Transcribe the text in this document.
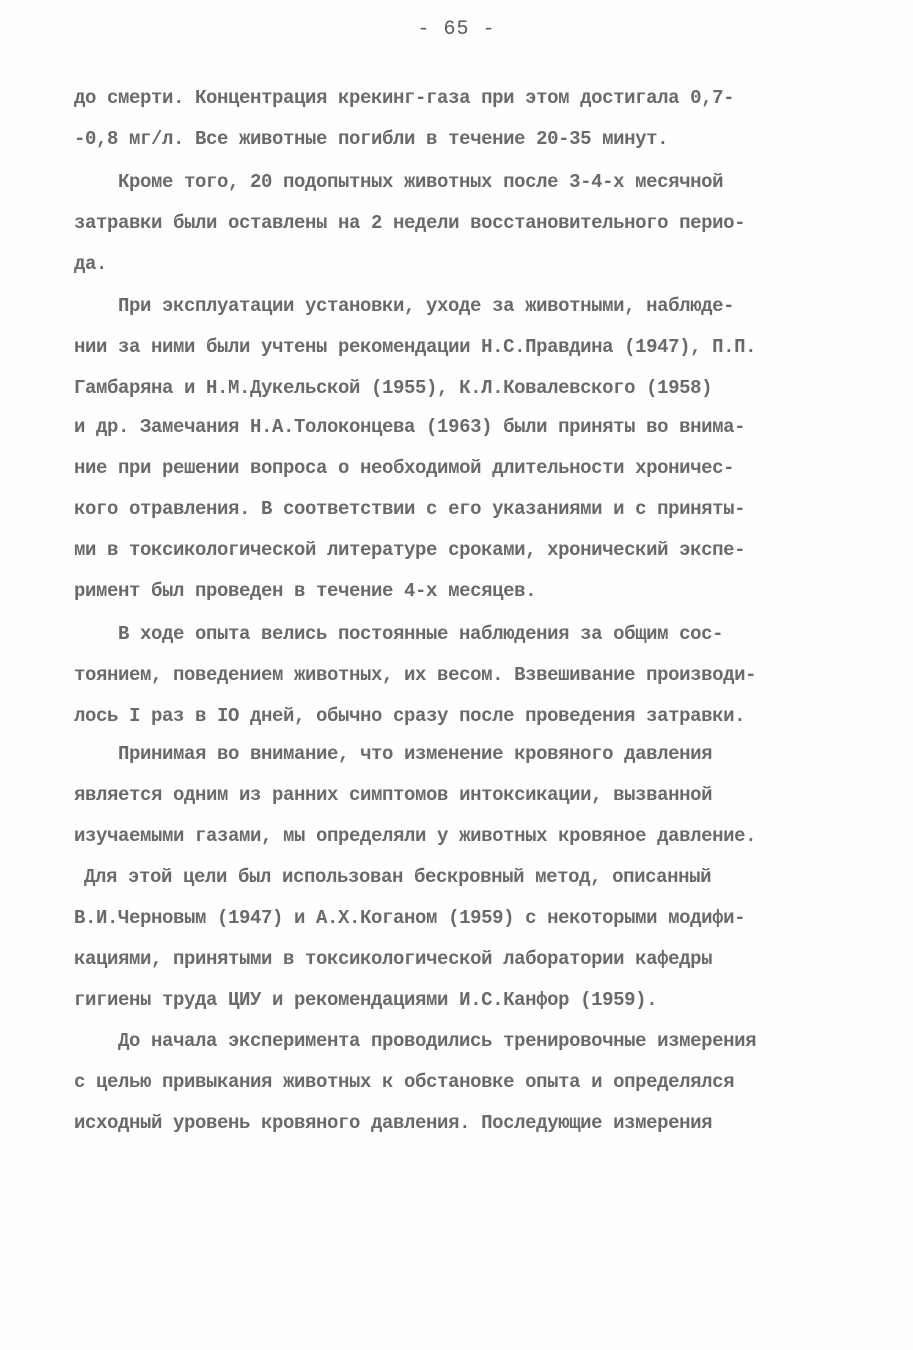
- 65 -
до смерти. Концентрация крекинг-газа при этом достигала 0,7-
-0,8 мг/л. Все животные погибли в течение 20-35 минут.
Кроме того, 20 подопытных животных после 3-4-х месячной
затравки были оставлены на 2 недели восстановительного перио-
да.
При эксплуатации установки, уходе за животными, наблюде-
нии за ними были учтены рекомендации Н.С.Правдина (1947), П.П.
Гамбаряна и Н.М.Дукельской (1955), К.Л.Ковалевского (1958)
и др. Замечания Н.А.Толоконцева (1963) были приняты во внима-
ние при решении вопроса о необходимой длительности хроничес-
кого отравления. В соответствии с его указаниями и с приняты-
ми в токсикологической литературе сроками, хронический экспе-
римент был проведен в течение 4-х месяцев.
В ходе опыта велись постоянные наблюдения за общим сос-
тоянием, поведением животных, их весом. Взвешивание производи-
лось I раз в IO дней, обычно сразу после проведения затравки.
Принимая во внимание, что изменение кровяного давления
является одним из ранних симптомов интоксикации, вызванной
изучаемыми газами, мы определяли у животных кровяное давление.
Для этой цели был использован бескровный метод, описанный
В.И.Черновым (1947) и А.Х.Коганом (1959) с некоторыми модифи-
кациями, принятыми в токсикологической лаборатории кафедры
гигиены труда ЦИУ и рекомендациями И.С.Канфор (1959).
До начала эксперимента проводились тренировочные измерения
с целью привыкания животных к обстановке опыта и определялся
исходный уровень кровяного давления. Последующие измерения
